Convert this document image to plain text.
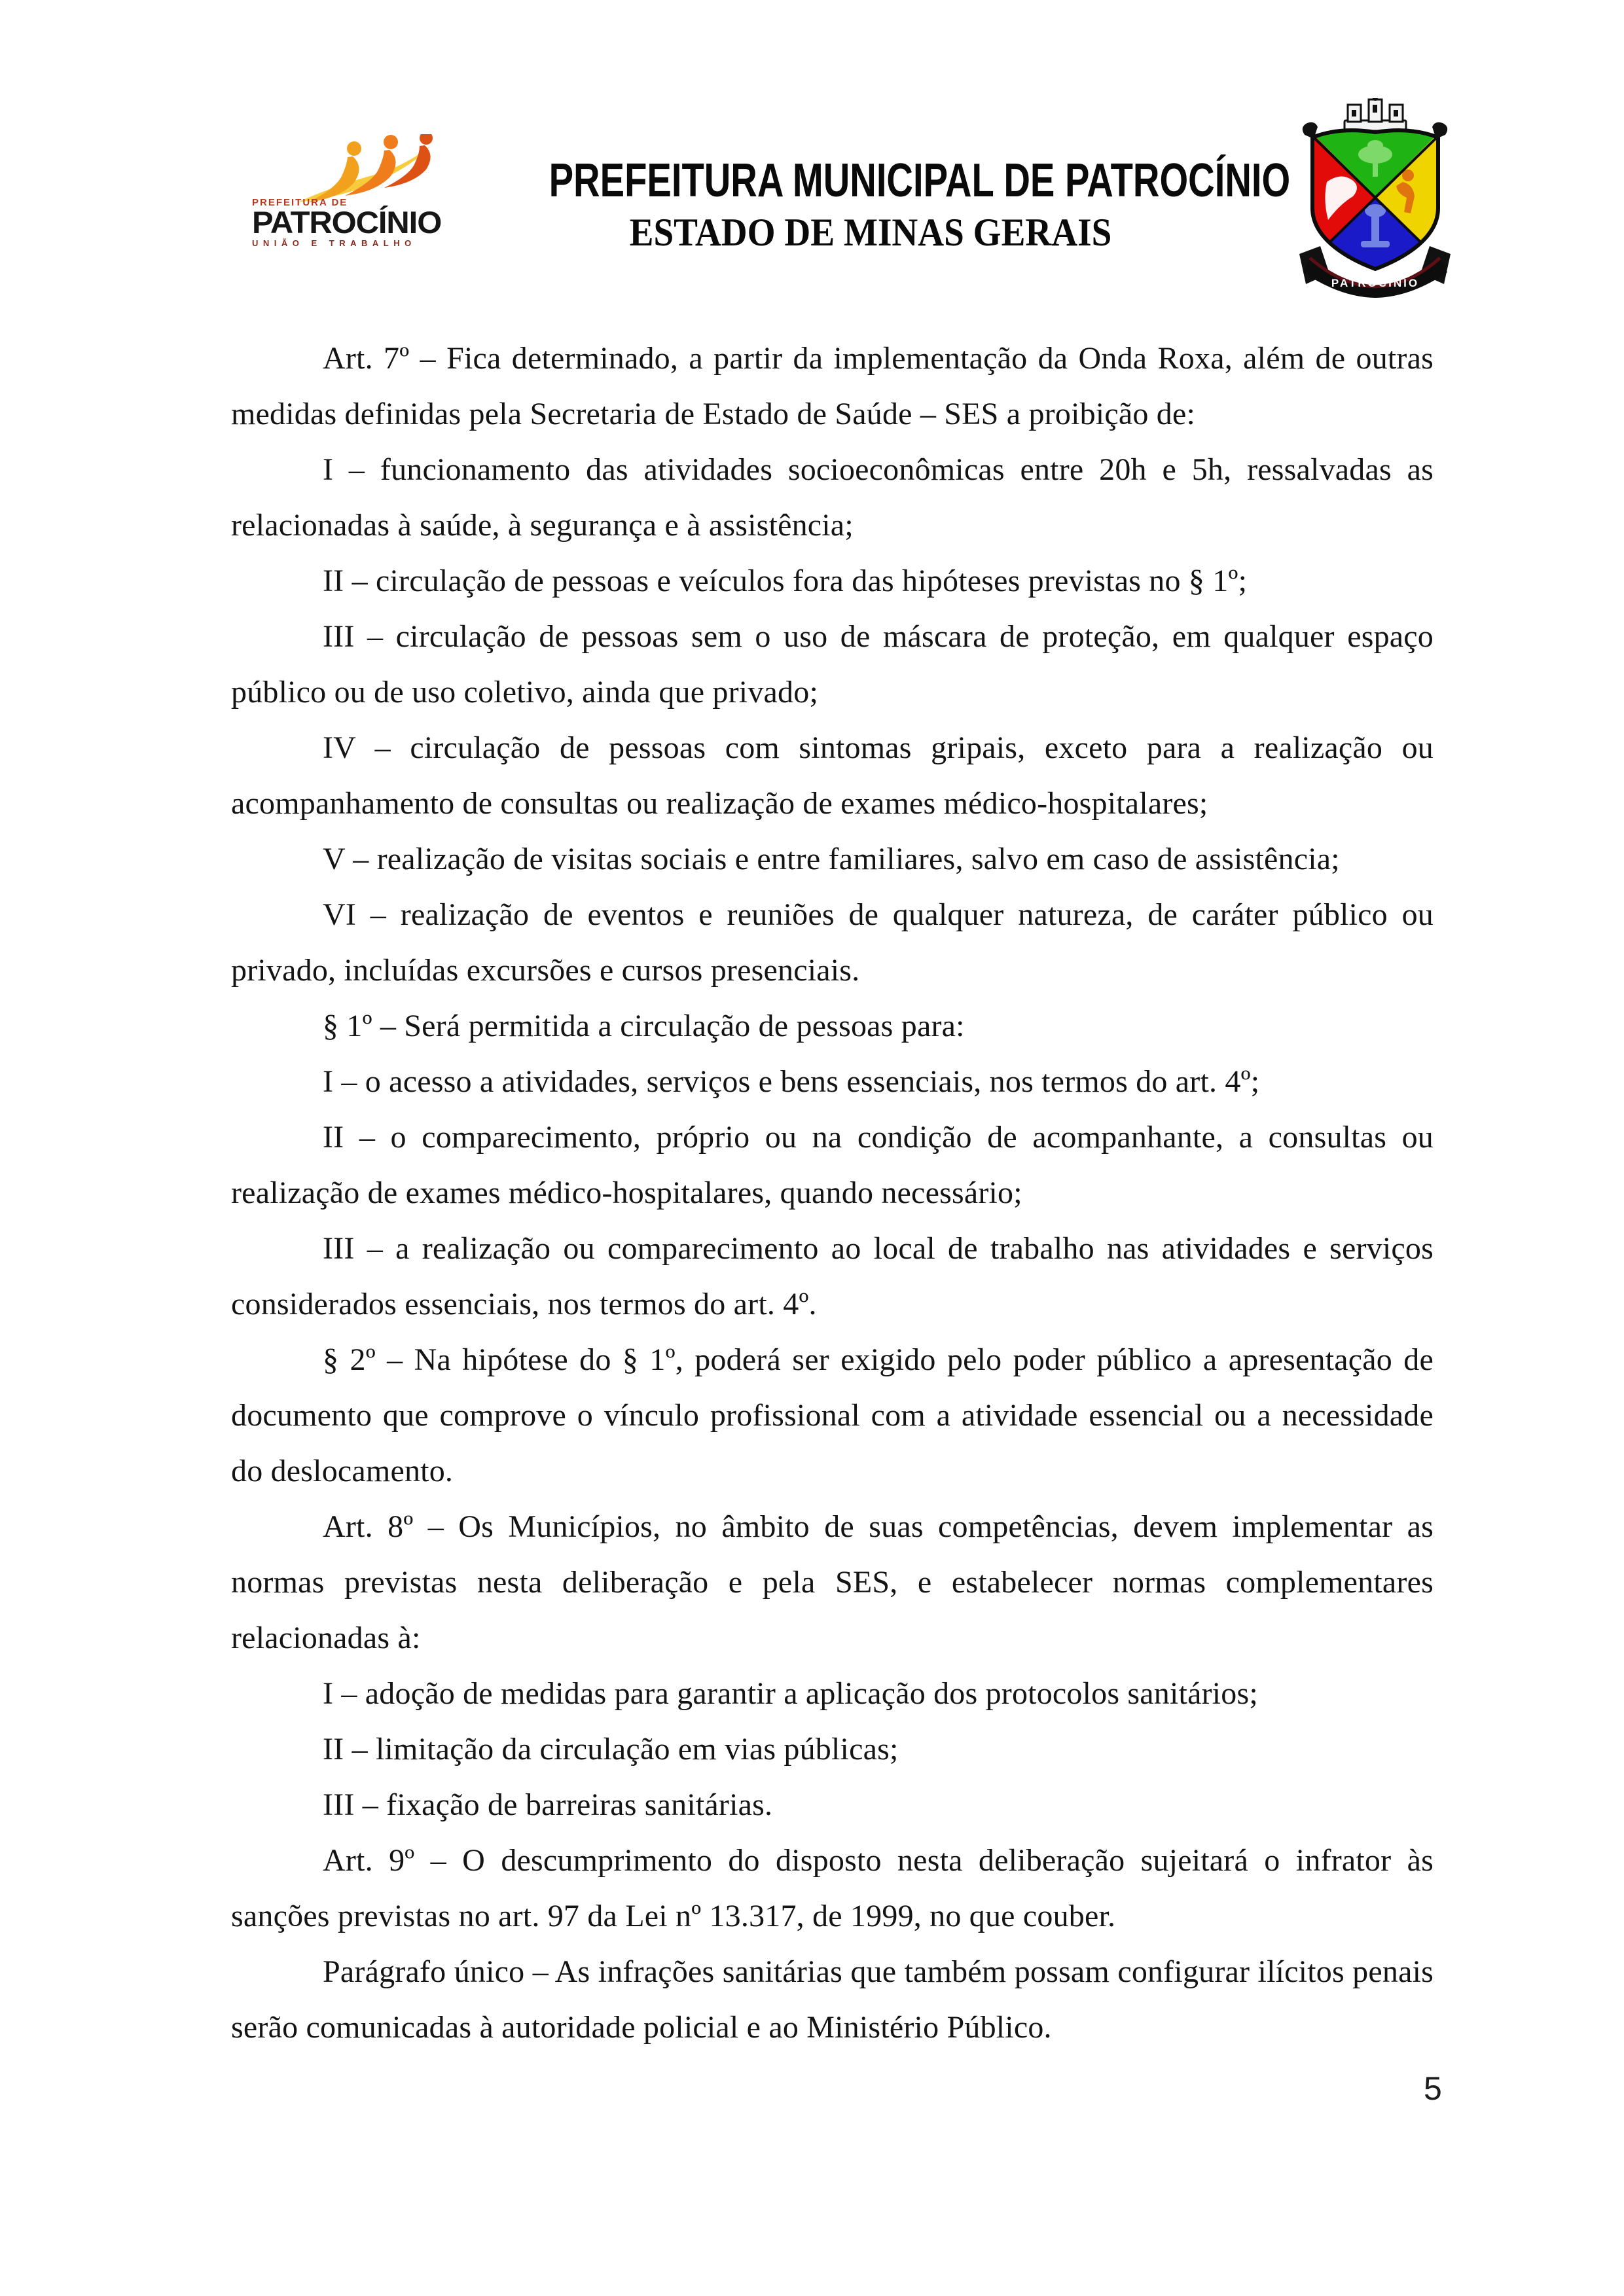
PREFEITURA DE
PATROCÍNIO
UNIÃO E TRABALHO
PREFEITURA MUNICIPAL DE PATROCÍNIO
ESTADO DE MINAS GERAIS
PATROCÍNIO

Art. 7º – Fica determinado, a partir da implementação da Onda Roxa, além de outras medidas definidas pela Secretaria de Estado de Saúde – SES a proibição de:

I – funcionamento das atividades socioeconômicas entre 20h e 5h, ressalvadas as relacionadas à saúde, à segurança e à assistência;

II – circulação de pessoas e veículos fora das hipóteses previstas no § 1º;

III – circulação de pessoas sem o uso de máscara de proteção, em qualquer espaço público ou de uso coletivo, ainda que privado;

IV – circulação de pessoas com sintomas gripais, exceto para a realização ou acompanhamento de consultas ou realização de exames médico-hospitalares;

V – realização de visitas sociais e entre familiares, salvo em caso de assistência;

VI – realização de eventos e reuniões de qualquer natureza, de caráter público ou privado, incluídas excursões e cursos presenciais.

§ 1º – Será permitida a circulação de pessoas para:

I – o acesso a atividades, serviços e bens essenciais, nos termos do art. 4º;

II – o comparecimento, próprio ou na condição de acompanhante, a consultas ou realização de exames médico-hospitalares, quando necessário;

III – a realização ou comparecimento ao local de trabalho nas atividades e serviços considerados essenciais, nos termos do art. 4º.

§ 2º – Na hipótese do § 1º, poderá ser exigido pelo poder público a apresentação de documento que comprove o vínculo profissional com a atividade essencial ou a necessidade do deslocamento.

Art. 8º – Os Municípios, no âmbito de suas competências, devem implementar as normas previstas nesta deliberação e pela SES, e estabelecer normas complementares relacionadas à:

I – adoção de medidas para garantir a aplicação dos protocolos sanitários;

II – limitação da circulação em vias públicas;

III – fixação de barreiras sanitárias.

Art. 9º – O descumprimento do disposto nesta deliberação sujeitará o infrator às sanções previstas no art. 97 da Lei nº 13.317, de 1999, no que couber.

Parágrafo único – As infrações sanitárias que também possam configurar ilícitos penais serão comunicadas à autoridade policial e ao Ministério Público.

5
